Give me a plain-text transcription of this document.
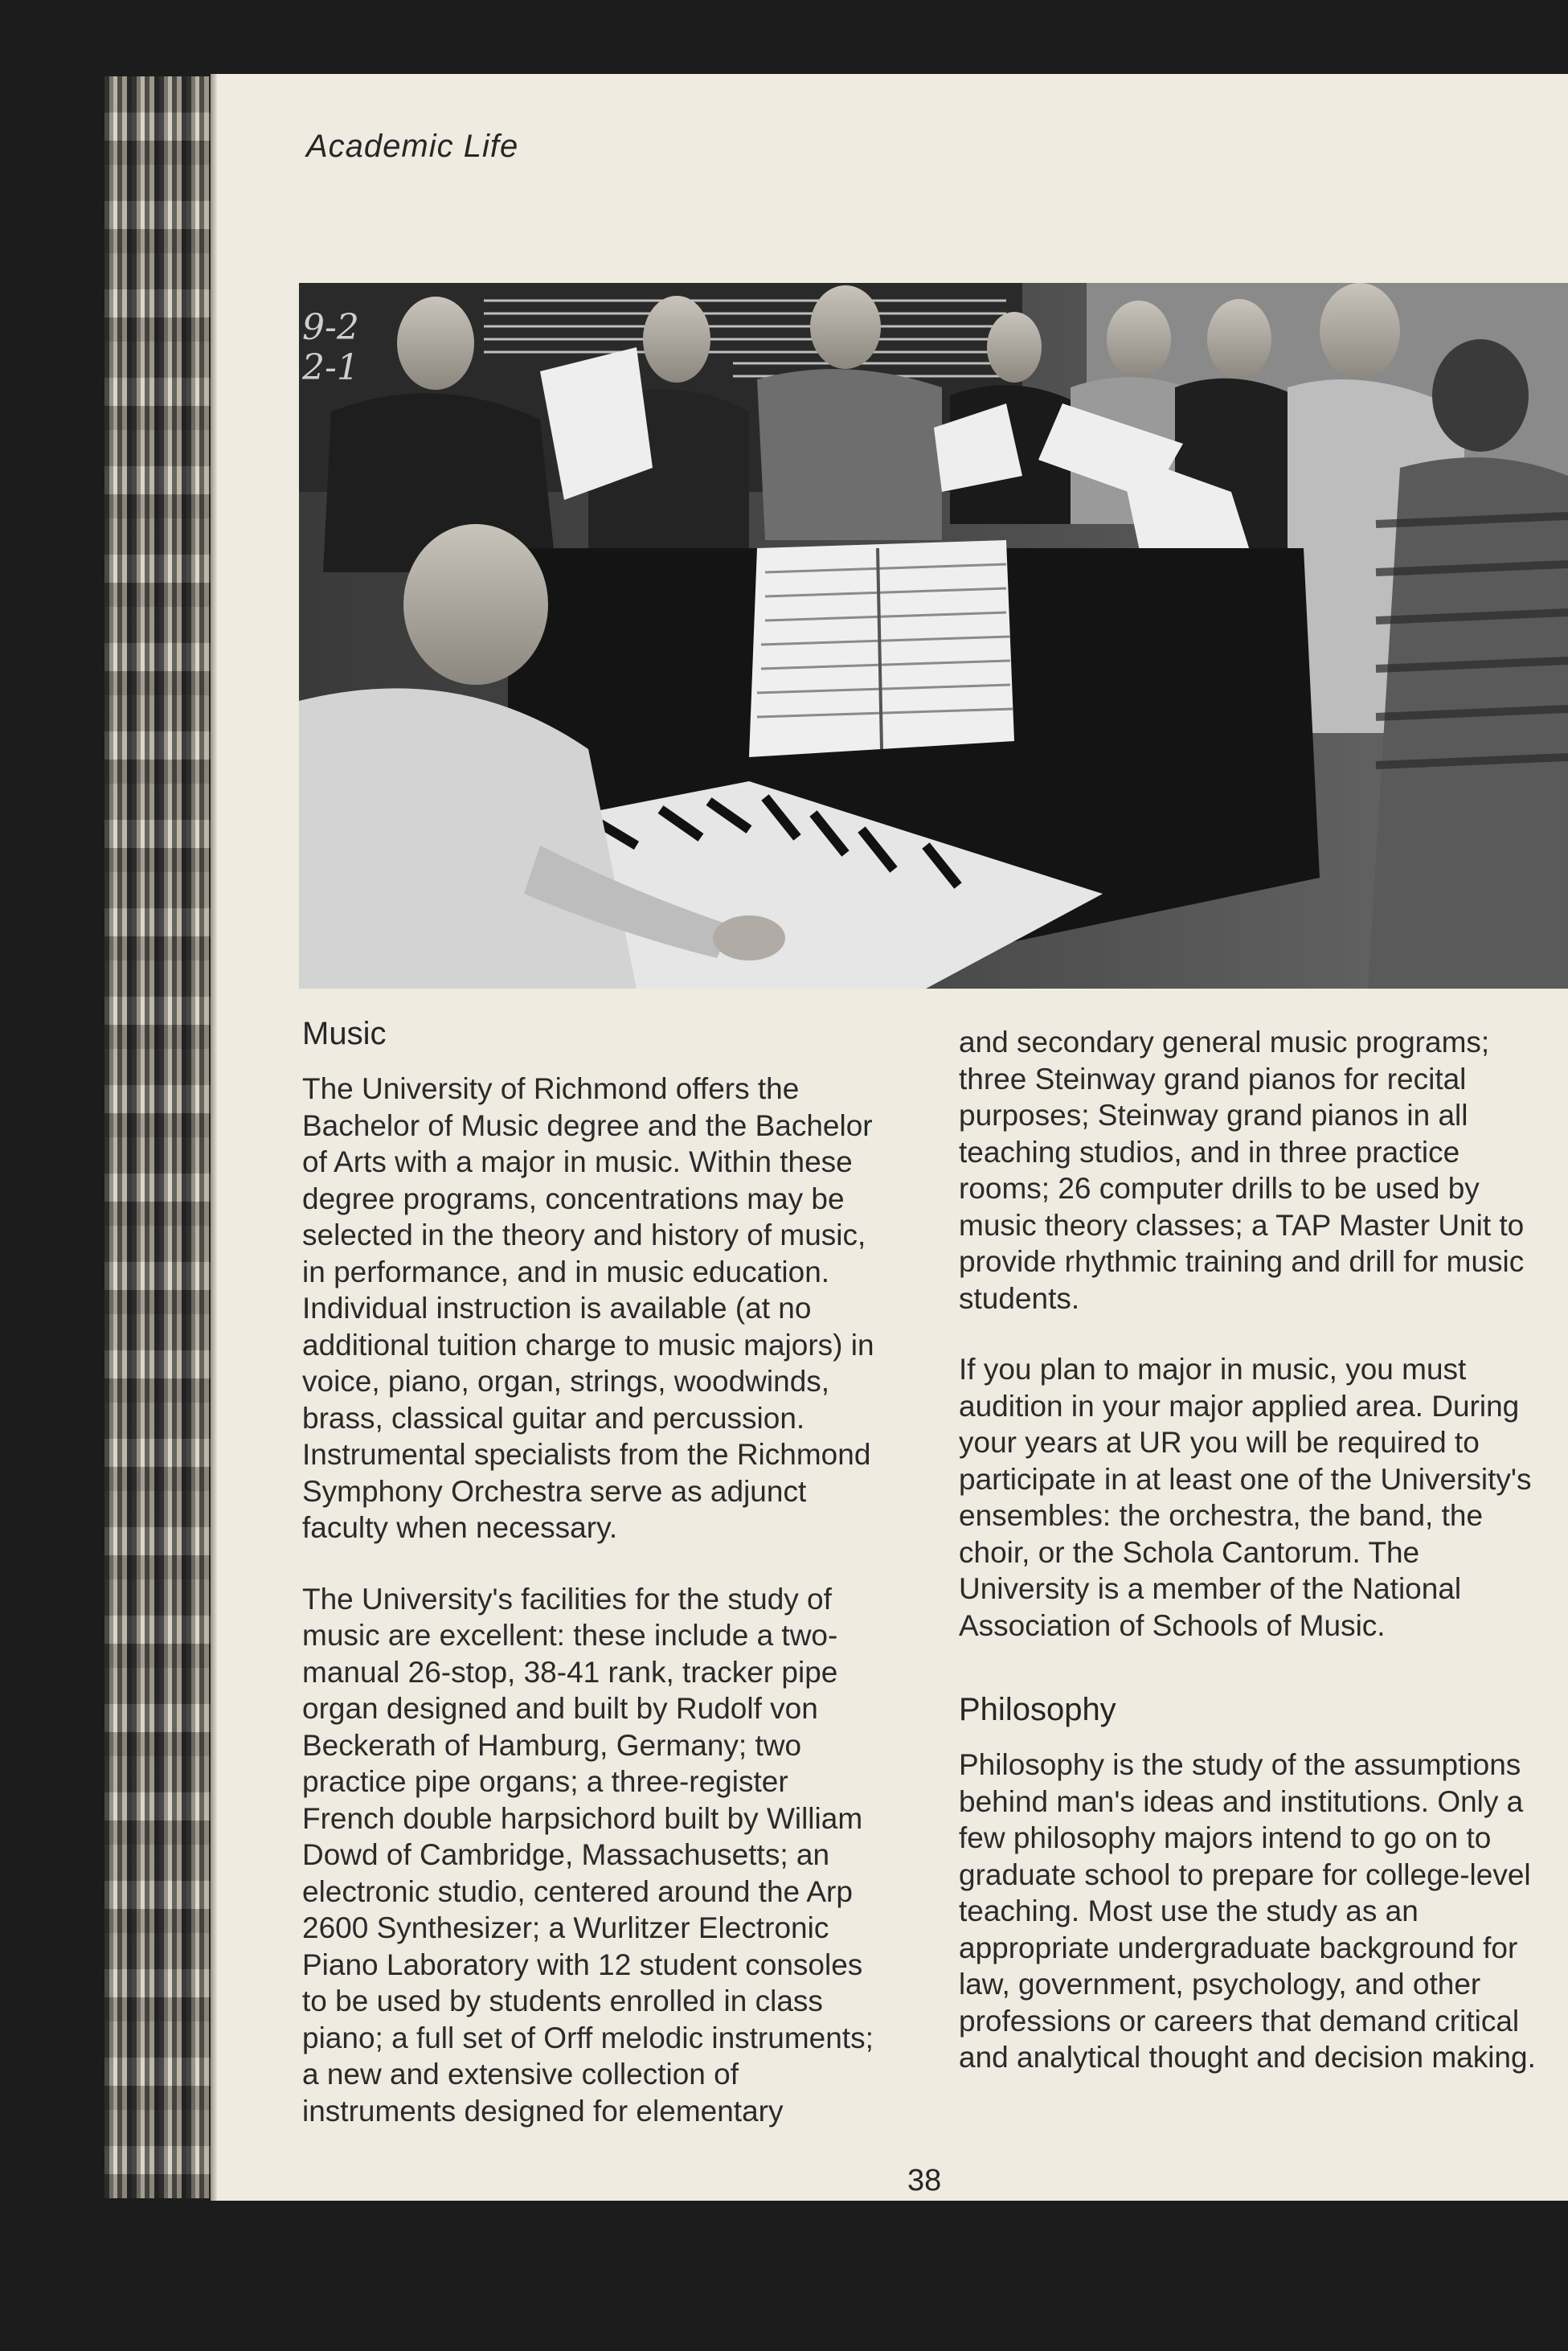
Academic Life
9-2
2-1
Music

The University of Richmond offers the Bachelor of Music degree and the Bachelor of Arts with a major in music. Within these degree programs, concentrations may be selected in the theory and history of music, in performance, and in music education. Individual instruction is available (at no additional tuition charge to music majors) in voice, piano, organ, strings, woodwinds, brass, classical guitar and percussion. Instrumental specialists from the Richmond Symphony Orchestra serve as adjunct faculty when necessary.

The University's facilities for the study of music are excellent: these include a two-manual 26-stop, 38-41 rank, tracker pipe organ designed and built by Rudolf von Beckerath of Hamburg, Germany; two practice pipe organs; a three-register French double harpsichord built by William Dowd of Cambridge, Massachusetts; an electronic studio, centered around the Arp 2600 Synthesizer; a Wurlitzer Electronic Piano Laboratory with 12 student consoles to be used by students enrolled in class piano; a full set of Orff melodic instruments; a new and extensive collection of instruments designed for elementary

and secondary general music programs; three Steinway grand pianos for recital purposes; Steinway grand pianos in all teaching studios, and in three practice rooms; 26 computer drills to be used by music theory classes; a TAP Master Unit to provide rhythmic training and drill for music students.

If you plan to major in music, you must audition in your major applied area. During your years at UR you will be required to participate in at least one of the University's ensembles: the orchestra, the band, the choir, or the Schola Cantorum. The University is a member of the National Association of Schools of Music.

Philosophy

Philosophy is the study of the assumptions behind man's ideas and institutions. Only a few philosophy majors intend to go on to graduate school to prepare for college-level teaching. Most use the study as an appropriate undergraduate background for law, government, psychology, and other professions or careers that demand critical and analytical thought and decision making.

38
